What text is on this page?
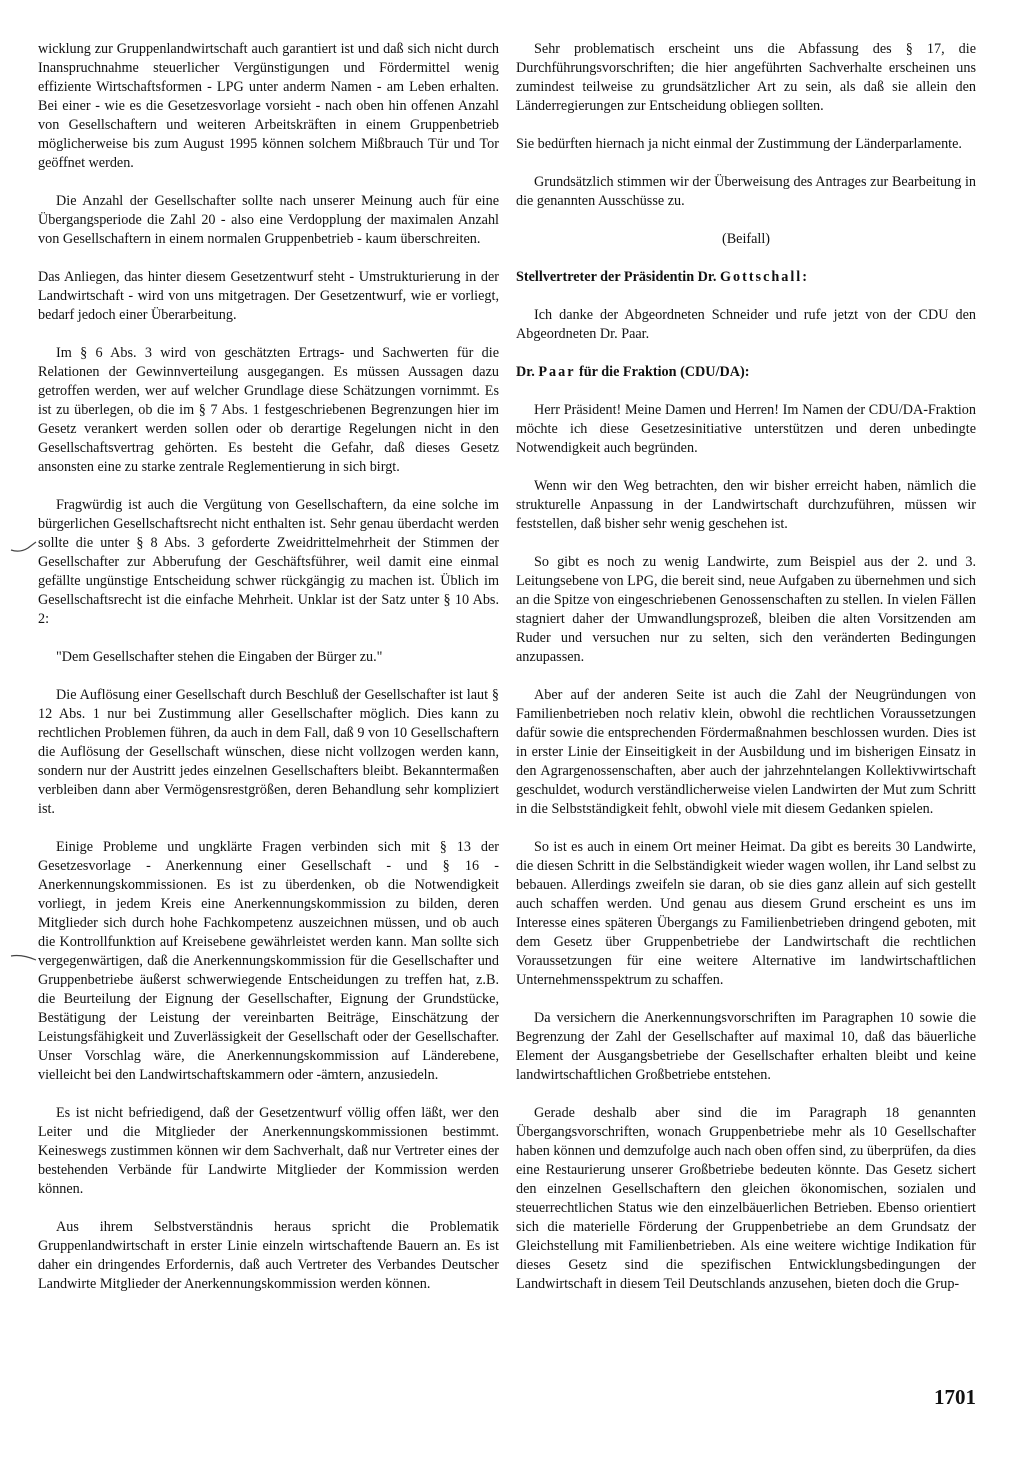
wicklung zur Gruppenlandwirtschaft auch garantiert ist und daß sich nicht durch Inanspruchnahme steuerlicher Vergünstigungen und Fördermittel wenig effiziente Wirtschaftsformen - LPG unter anderm Namen - am Leben erhalten. Bei einer - wie es die Gesetzesvorlage vorsieht - nach oben hin offenen Anzahl von Gesellschaftern und weiteren Arbeitskräften in einem Gruppenbetrieb möglicherweise bis zum August 1995 können solchem Mißbrauch Tür und Tor geöffnet werden.

Die Anzahl der Gesellschafter sollte nach unserer Meinung auch für eine Übergangsperiode die Zahl 20 - also eine Verdopplung der maximalen Anzahl von Gesellschaftern in einem normalen Gruppenbetrieb - kaum überschreiten.

Das Anliegen, das hinter diesem Gesetzentwurf steht - Umstrukturierung in der Landwirtschaft - wird von uns mitgetragen. Der Gesetzentwurf, wie er vorliegt, bedarf jedoch einer Überarbeitung.

Im § 6 Abs. 3 wird von geschätzten Ertrags- und Sachwerten für die Relationen der Gewinnverteilung ausgegangen. Es müssen Aussagen dazu getroffen werden, wer auf welcher Grundlage diese Schätzungen vornimmt. Es ist zu überlegen, ob die im § 7 Abs. 1 festgeschriebenen Begrenzungen hier im Gesetz verankert werden sollen oder ob derartige Regelungen nicht in den Gesellschaftsvertrag gehörten. Es besteht die Gefahr, daß dieses Gesetz ansonsten eine zu starke zentrale Reglementierung in sich birgt.

Fragwürdig ist auch die Vergütung von Gesellschaftern, da eine solche im bürgerlichen Gesellschaftsrecht nicht enthalten ist. Sehr genau überdacht werden sollte die unter § 8 Abs. 3 geforderte Zweidrittelmehrheit der Stimmen der Gesellschafter zur Abberufung der Geschäftsführer, weil damit eine einmal gefällte ungünstige Entscheidung schwer rückgängig zu machen ist. Üblich im Gesellschaftsrecht ist die einfache Mehrheit. Unklar ist der Satz unter § 10 Abs. 2:

"Dem Gesellschafter stehen die Eingaben der Bürger zu."

Die Auflösung einer Gesellschaft durch Beschluß der Gesellschafter ist laut § 12 Abs. 1 nur bei Zustimmung aller Gesellschafter möglich. Dies kann zu rechtlichen Problemen führen, da auch in dem Fall, daß 9 von 10 Gesellschaftern die Auflösung der Gesellschaft wünschen, diese nicht vollzogen werden kann, sondern nur der Austritt jedes einzelnen Gesellschafters bleibt. Bekanntermaßen verbleiben dann aber Vermögensrestgrößen, deren Behandlung sehr kompliziert ist.

Einige Probleme und ungklärte Fragen verbinden sich mit § 13 der Gesetzesvorlage - Anerkennung einer Gesellschaft - und § 16 - Anerkennungskommissionen. Es ist zu überdenken, ob die Notwendigkeit vorliegt, in jedem Kreis eine Anerkennungskommission zu bilden, deren Mitglieder sich durch hohe Fachkompetenz auszeichnen müssen, und ob auch die Kontrollfunktion auf Kreisebene gewährleistet werden kann. Man sollte sich vergegenwärtigen, daß die Anerkennungskommission für die Gesellschafter und Gruppenbetriebe äußerst schwerwiegende Entscheidungen zu treffen hat, z.B. die Beurteilung der Eignung der Gesellschafter, Eignung der Grundstücke, Bestätigung der Leistung der vereinbarten Beiträge, Einschätzung der Leistungsfähigkeit und Zuverlässigkeit der Gesellschaft oder der Gesellschafter. Unser Vorschlag wäre, die Anerkennungskommission auf Länderebene, vielleicht bei den Landwirtschaftskammern oder -ämtern, anzusiedeln.

Es ist nicht befriedigend, daß der Gesetzentwurf völlig offen läßt, wer den Leiter und die Mitglieder der Anerkennungskommissionen bestimmt. Keineswegs zustimmen können wir dem Sachverhalt, daß nur Vertreter eines der bestehenden Verbände für Landwirte Mitglieder der Kommission werden können.

Aus ihrem Selbstverständnis heraus spricht die Problematik Gruppenlandwirtschaft in erster Linie einzeln wirtschaftende Bauern an. Es ist daher ein dringendes Erfordernis, daß auch Vertreter des Verbandes Deutscher Landwirte Mitglieder der Anerkennungskommission werden können.

Sehr problematisch erscheint uns die Abfassung des § 17, die Durchführungsvorschriften; die hier angeführten Sachverhalte erscheinen uns zumindest teilweise zu grundsätzlicher Art zu sein, als daß sie allein den Länderregierungen zur Entscheidung obliegen sollten.

Sie bedürften hiernach ja nicht einmal der Zustimmung der Länderparlamente.

Grundsätzlich stimmen wir der Überweisung des Antrages zur Bearbeitung in die genannten Ausschüsse zu.

(Beifall)

Stellvertreter der Präsidentin Dr. Gottschall:

Ich danke der Abgeordneten Schneider und rufe jetzt von der CDU den Abgeordneten Dr. Paar.

Dr. Paar für die Fraktion (CDU/DA):

Herr Präsident! Meine Damen und Herren! Im Namen der CDU/DA-Fraktion möchte ich diese Gesetzesinitiative unterstützen und deren unbedingte Notwendigkeit auch begründen.

Wenn wir den Weg betrachten, den wir bisher erreicht haben, nämlich die strukturelle Anpassung in der Landwirtschaft durchzuführen, müssen wir feststellen, daß bisher sehr wenig geschehen ist.

So gibt es noch zu wenig Landwirte, zum Beispiel aus der 2. und 3. Leitungsebene von LPG, die bereit sind, neue Aufgaben zu übernehmen und sich an die Spitze von eingeschriebenen Genossenschaften zu stellen. In vielen Fällen stagniert daher der Umwandlungsprozeß, bleiben die alten Vorsitzenden am Ruder und versuchen nur zu selten, sich den veränderten Bedingungen anzupassen.

Aber auf der anderen Seite ist auch die Zahl der Neugründungen von Familienbetrieben noch relativ klein, obwohl die rechtlichen Voraussetzungen dafür sowie die entsprechenden Fördermaßnahmen beschlossen wurden. Dies ist in erster Linie der Einseitigkeit in der Ausbildung und im bisherigen Einsatz in den Agrargenossenschaften, aber auch der jahrzehntelangen Kollektivwirtschaft geschuldet, wodurch verständlicherweise vielen Landwirten der Mut zum Schritt in die Selbstständigkeit fehlt, obwohl viele mit diesem Gedanken spielen.

So ist es auch in einem Ort meiner Heimat. Da gibt es bereits 30 Landwirte, die diesen Schritt in die Selbständigkeit wieder wagen wollen, ihr Land selbst zu bebauen. Allerdings zweifeln sie daran, ob sie dies ganz allein auf sich gestellt auch schaffen werden. Und genau aus diesem Grund erscheint es uns im Interesse eines späteren Übergangs zu Familienbetrieben dringend geboten, mit dem Gesetz über Gruppenbetriebe der Landwirtschaft die rechtlichen Voraussetzungen für eine weitere Alternative im landwirtschaftlichen Unternehmensspektrum zu schaffen.

Da versichern die Anerkennungsvorschriften im Paragraphen 10 sowie die Begrenzung der Zahl der Gesellschafter auf maximal 10, daß das bäuerliche Element der Ausgangsbetriebe der Gesellschafter erhalten bleibt und keine landwirtschaftlichen Großbetriebe entstehen.

Gerade deshalb aber sind die im Paragraph 18 genannten Übergangsvorschriften, wonach Gruppenbetriebe mehr als 10 Gesellschafter haben können und demzufolge auch nach oben offen sind, zu überprüfen, da dies eine Restaurierung unserer Großbetriebe bedeuten könnte. Das Gesetz sichert den einzelnen Gesellschaftern den gleichen ökonomischen, sozialen und steuerrechtlichen Status wie den einzelbäuerlichen Betrieben. Ebenso orientiert sich die materielle Förderung der Gruppenbetriebe an dem Grundsatz der Gleichstellung mit Familienbetrieben. Als eine weitere wichtige Indikation für dieses Gesetz sind die spezifischen Entwicklungsbedingungen der Landwirtschaft in diesem Teil Deutschlands anzusehen, bieten doch die Grup-

1701
